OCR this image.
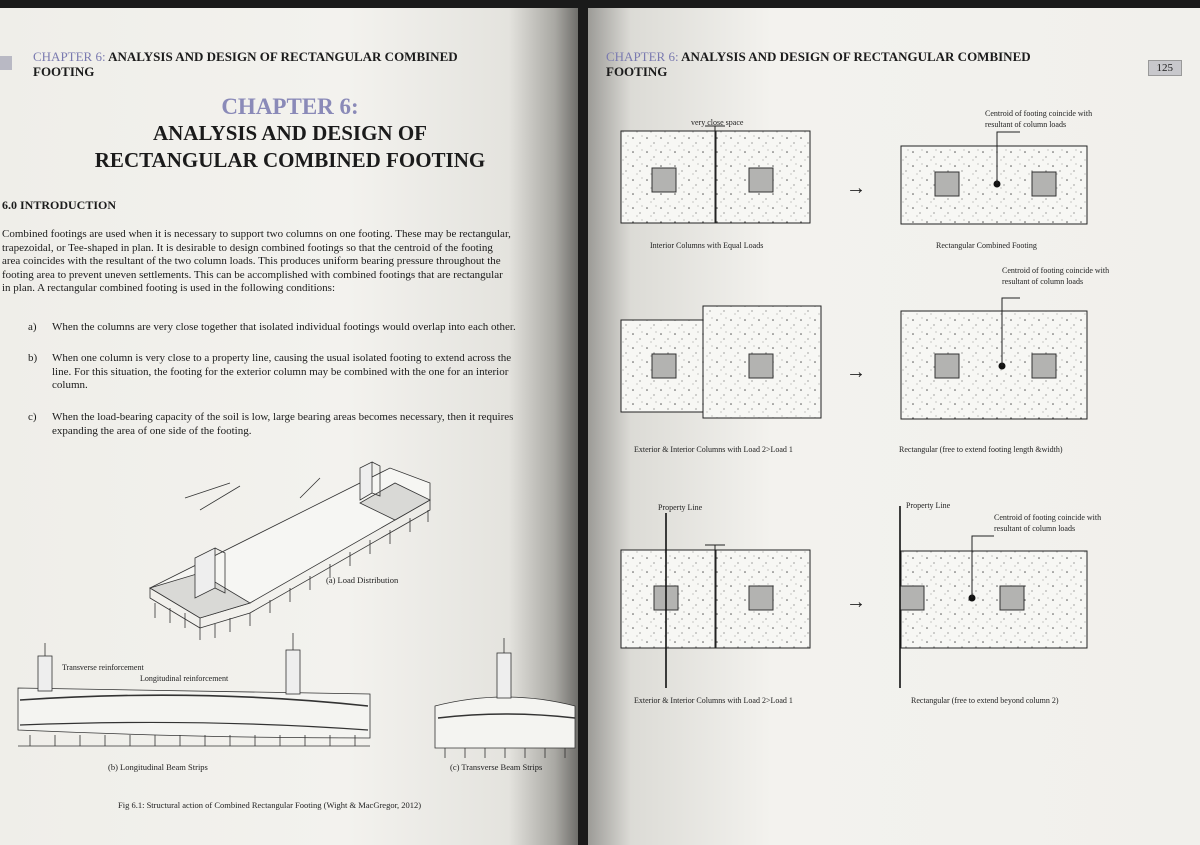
CHAPTER 6: ANALYSIS AND DESIGN OF RECTANGULAR COMBINED
FOOTING
CHAPTER 6:
ANALYSIS AND DESIGN OF
RECTANGULAR COMBINED FOOTING
6.0 INTRODUCTION
Combined footings are used when it is necessary to support two columns on one footing. These may be rectangular,
trapezoidal, or Tee-shaped in plan. It is desirable to design combined footings so that the centroid of the footing
area coincides with the resultant of the two column loads. This produces uniform bearing pressure throughout the
footing area to prevent uneven settlements. This can be accomplished with combined footings that are rectangular
in plan. A rectangular combined footing is used in the following conditions:
a) When the columns are very close together that isolated individual footings would overlap into each other.
b) When one column is very close to a property line, causing the usual isolated footing to extend across the
line. For this situation, the footing for the exterior column may be combined with the one for an interior
column.
c) When the load-bearing capacity of the soil is low, large bearing areas becomes necessary, then it requires
expanding the area of one side of the footing.
(a) Load Distribution
Transverse reinforcement
Longitudinal reinforcement
(b) Longitudinal Beam Strips	(c) Transverse Beam Strips
Fig 6.1: Structural action of Combined Rectangular Footing (Wight & MacGregor, 2012)
CHAPTER 6: ANALYSIS AND DESIGN OF RECTANGULAR COMBINED
FOOTING	125
very close space
→
Centroid of footing coincide with
resultant of column loads
Interior Columns with Equal Loads	Rectangular Combined Footing
→
Centroid of footing coincide with
resultant of column loads
Exterior & Interior Columns with Load 2>Load 1	Rectangular (free to extend footing length &width)
Property Line
→
Property Line
Centroid of footing coincide with
resultant of column loads
Exterior & Interior Columns with Load 2>Load 1	Rectangular (free to extend beyond column 2)
